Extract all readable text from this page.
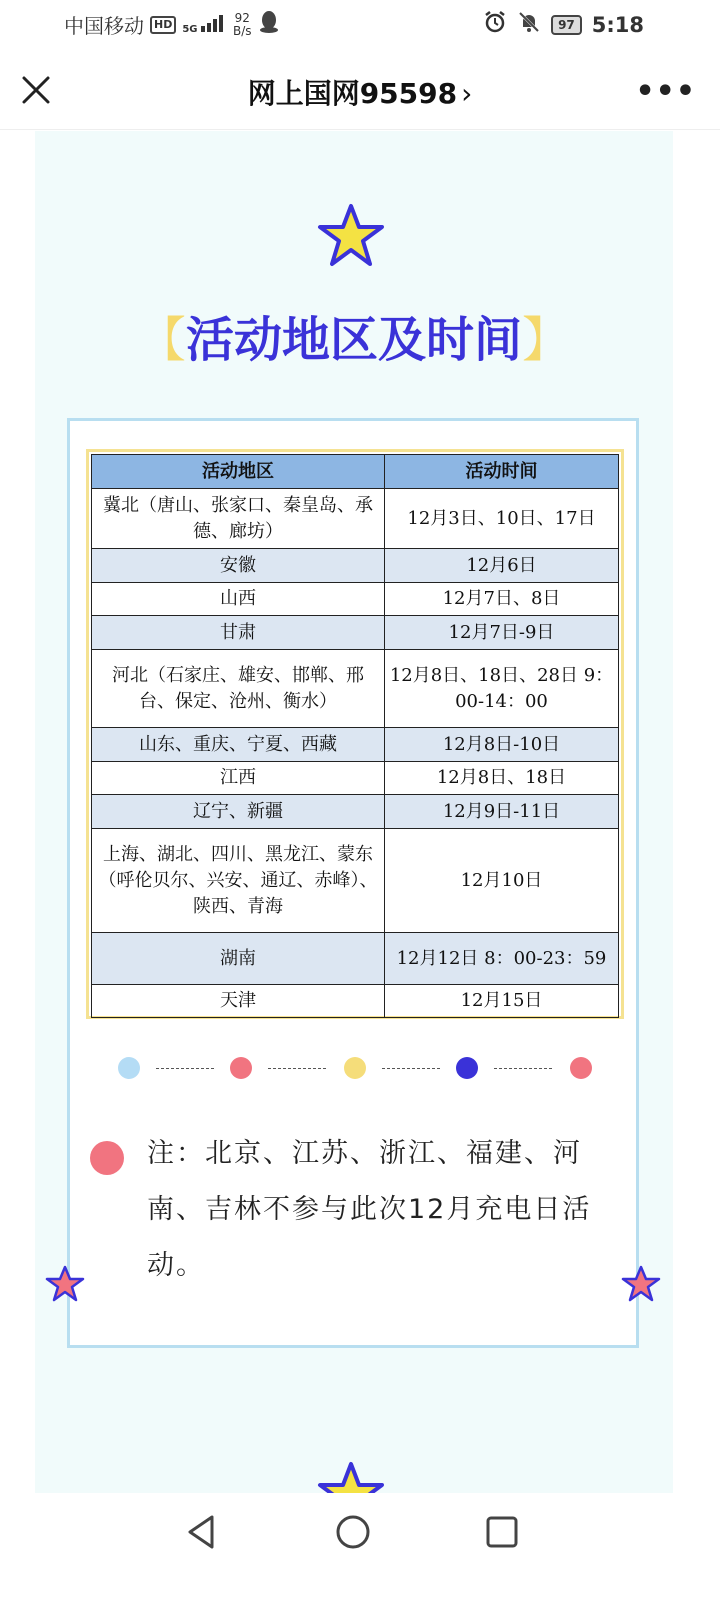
中国移动 HD	5G
92
B/s	97 5:18
网上国网95598 ›	•••
【活动地区及时间】
活动地区	活动时间
冀北（唐山、张家口、秦皇岛、承德、廊坊）	12月3日、10日、17日
安徽	12月6日
山西	12月7日、8日
甘肃	12月7日-9日
河北（石家庄、雄安、邯郸、邢台、保定、沧州、衡水）	12月8日、18日、28日 9：00-14：00
山东、重庆、宁夏、西藏	12月8日-10日
江西	12月8日、18日
辽宁、新疆	12月9日-11日
上海、湖北、四川、黑龙江、蒙东（呼伦贝尔、兴安、通辽、赤峰）、陕西、青海	12月10日
湖南	12月12日 8：00-23：59
天津	12月15日
注：北京、江苏、浙江、福建、河南、吉林不参与此次12月充电日活动。
